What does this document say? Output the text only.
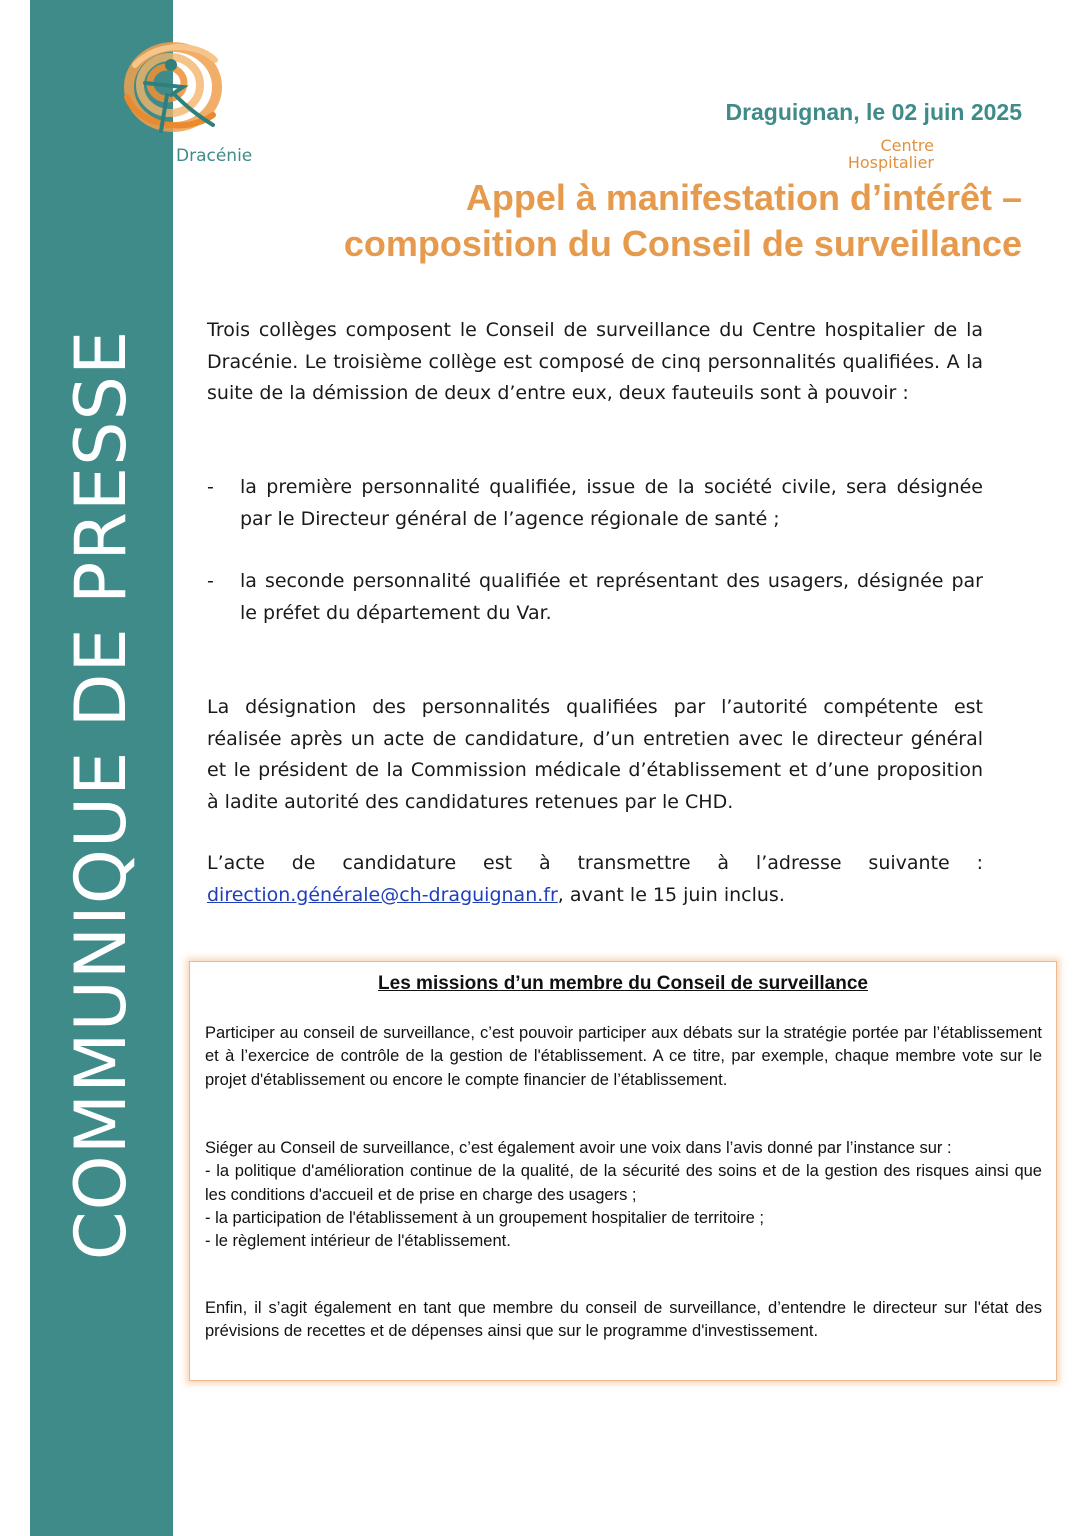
COMMUNIQUE DE PRESSE
Centre
Hospitalier
Dracénie
Draguignan, le 02 juin 2025
Appel à manifestation d’intérêt –
composition du Conseil de surveillance

Trois collèges composent le Conseil de surveillance du Centre hospitalier de la Dracénie. Le troisième collège est composé de cinq personnalités qualifiées. A la suite de la démission de deux d’entre eux, deux fauteuils sont à pouvoir :

- la première personnalité qualifiée, issue de la société civile, sera désignée par le Directeur général de l’agence régionale de santé ;
- la seconde personnalité qualifiée et représentant des usagers, désignée par le préfet du département du Var.

La désignation des personnalités qualifiées par l’autorité compétente est réalisée après un acte de candidature, d’un entretien avec le directeur général et le président de la Commission médicale d’établissement et d’une proposition à ladite autorité des candidatures retenues par le CHD.

L’acte de candidature est à transmettre à l’adresse suivante :

direction.générale@ch-draguignan.fr, avant le 15 juin inclus.

Les missions d’un membre du Conseil de surveillance
Participer au conseil de surveillance, c’est pouvoir participer aux débats sur la stratégie portée par l’établissement et à l’exercice de contrôle de la gestion de l'établissement. A ce titre, par exemple, chaque membre vote sur le projet d'établissement ou encore le compte financier de l’établissement.
Siéger au Conseil de surveillance, c’est également avoir une voix dans l’avis donné par l’instance sur :
- la politique d'amélioration continue de la qualité, de la sécurité des soins et de la gestion des risques ainsi que les conditions d'accueil et de prise en charge des usagers ;
- la participation de l'établissement à un groupement hospitalier de territoire ;
- le règlement intérieur de l'établissement.
Enfin, il s’agit également en tant que membre du conseil de surveillance, d’entendre le directeur sur l'état des prévisions de recettes et de dépenses ainsi que sur le programme d'investissement.
